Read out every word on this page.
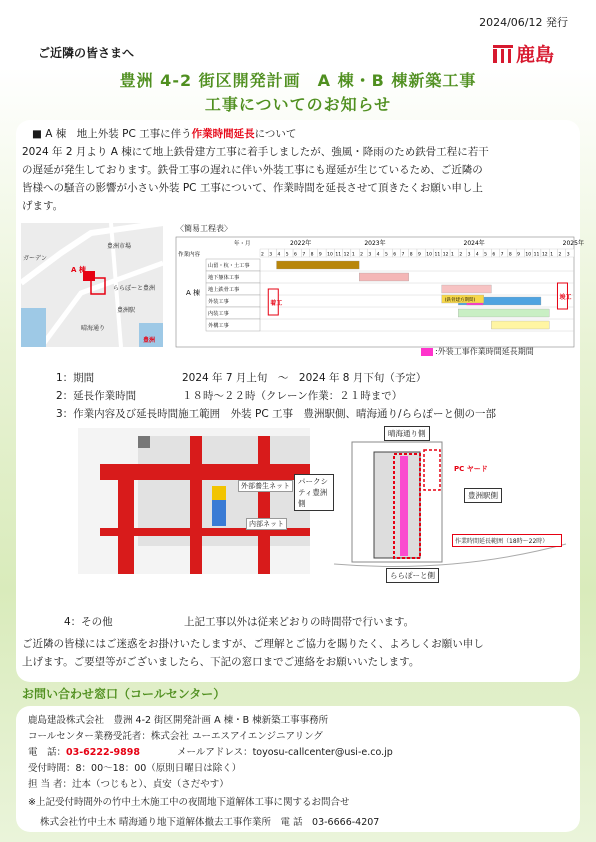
2024/06/12 発行
ご近隣の皆さまへ	鹿島
豊洲 4-2 街区開発計画　A 棟・B 棟新築工事
工事についてのお知らせ
■ A 棟　地上外装 PC 工事に伴う作業時間延長について
2024 年 2 月より A 棟にて地上鉄骨建方工事に着手しましたが、強風・降雨のため鉄骨工程に若干
の遅延が発生しております。鉄骨工事の遅れに伴い外装工事にも遅延が生じているため、ご近隣の
皆様への騒音の影響が小さい外装 PC 工事について、作業時間を延長させて頂きたくお願い申し上
げます。
A 棟
豊洲市場
ららぽーと豊洲
豊洲駅
晴海通り
ガーデン
豊洲
〈簡易工程表〉
年・月
作業内容
2022年	2023年	2024年	2025年
2 3 4 5 6 7 8 9 10 11 12 1 2 3 4 5 6 7 8 9 10 11 12 1 2 3 4 5 6 7 8 9 10 11 12 1 2 3
山留・杭・土工事
地下躯体工事
地上鉄骨工事
外装工事
内装工事
外構工事
A 棟
着工
竣工
(鉄骨建方期間)
:外装工事作業時間延長期間
1：期間	2024 年 7 月上旬　～　2024 年 8 月下旬（予定）
2：延長作業時間	１８時～２２時（クレーン作業：２１時まで）
3：作業内容及び延長時間施工範囲　外装 PC 工事　豊洲駅側、晴海通り/ららぽーと側の一部
外部養生ネット
内部ネット
晴海通り側
パークシティ豊洲側
豊洲駅側
ららぽーと側
PC ヤード
作業時間延長範囲（18時〜22時）
4：その他	上記工事以外は従来どおりの時間帯で行います。
ご近隣の皆様にはご迷惑をお掛けいたしますが、ご理解とご協力を賜りたく、よろしくお願い申し
上げます。ご要望等がございましたら、下記の窓口までご連絡をお願いいたします。
お問い合わせ窓口（コールセンター）
鹿島建設株式会社　豊洲 4-2 街区開発計画 A 棟・B 棟新築工事事務所
コールセンター業務受託者：株式会社 ユーエスアイエンジニアリング
電　話：03-6222-9898	メールアドレス：toyosu-callcenter@usi-e.co.jp
受付時間：8：00～18：00（原則日曜日は除く）
担 当 者：辻本（つじもと）、貞安（さだやす）
※上記受付時間外の竹中土木施工中の夜間地下道解体工事に関するお問合せ
株式会社竹中土木 晴海通り地下道解体撤去工事作業所　電 話　03-6666-4207
